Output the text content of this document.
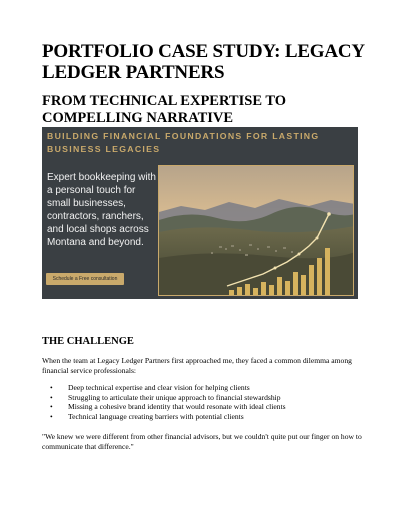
PORTFOLIO CASE STUDY: LEGACY LEDGER PARTNERS
FROM TECHNICAL EXPERTISE TO COMPELLING NARRATIVE
BUILDING FINANCIAL FOUNDATIONS FOR LASTING BUSINESS LEGACIES
Expert bookkeeping with a personal touch for small businesses, contractors, ranchers, and local shops across Montana and beyond.
Schedule a Free consultation
THE CHALLENGE
When the team at Legacy Ledger Partners first approached me, they faced a common dilemma among financial service professionals:
• Deep technical expertise and clear vision for helping clients
• Struggling to articulate their unique approach to financial stewardship
• Missing a cohesive brand identity that would resonate with ideal clients
• Technical language creating barriers with potential clients
"We knew we were different from other financial advisors, but we couldn't quite put our finger on how to communicate that difference."
